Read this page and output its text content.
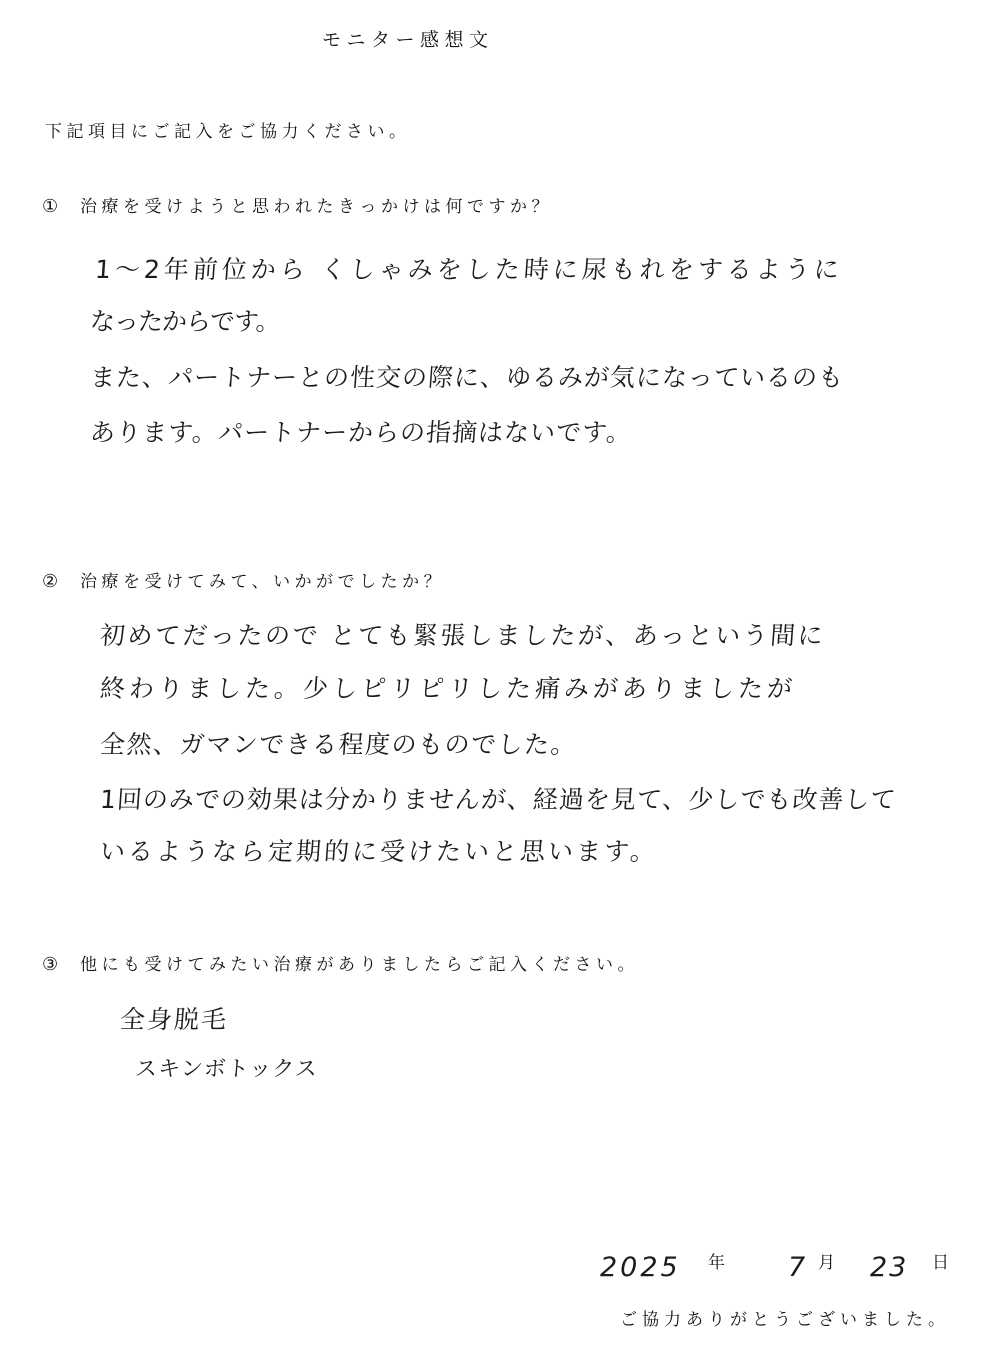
モニター感想文
下記項目にご記入をご協力ください。
① 治療を受けようと思われたきっかけは何ですか？
1～2年前位から くしゃみをした時に尿もれをするように
なったからです。
また、パートナーとの性交の際に、ゆるみが気になっているのも
あります。パートナーからの指摘はないです。
② 治療を受けてみて、いかがでしたか？
初めてだったので とても緊張しましたが、あっという間に
終わりました。少しピリピリした痛みがありましたが
全然、ガマンできる程度のものでした。
1回のみでの効果は分かりませんが、経過を見て、少しでも改善して
いるようなら定期的に受けたいと思います。
③ 他にも受けてみたい治療がありましたらご記入ください。
全身脱毛
スキンボトックス
2025 年 7 月 23 日
ご協力ありがとうございました。
